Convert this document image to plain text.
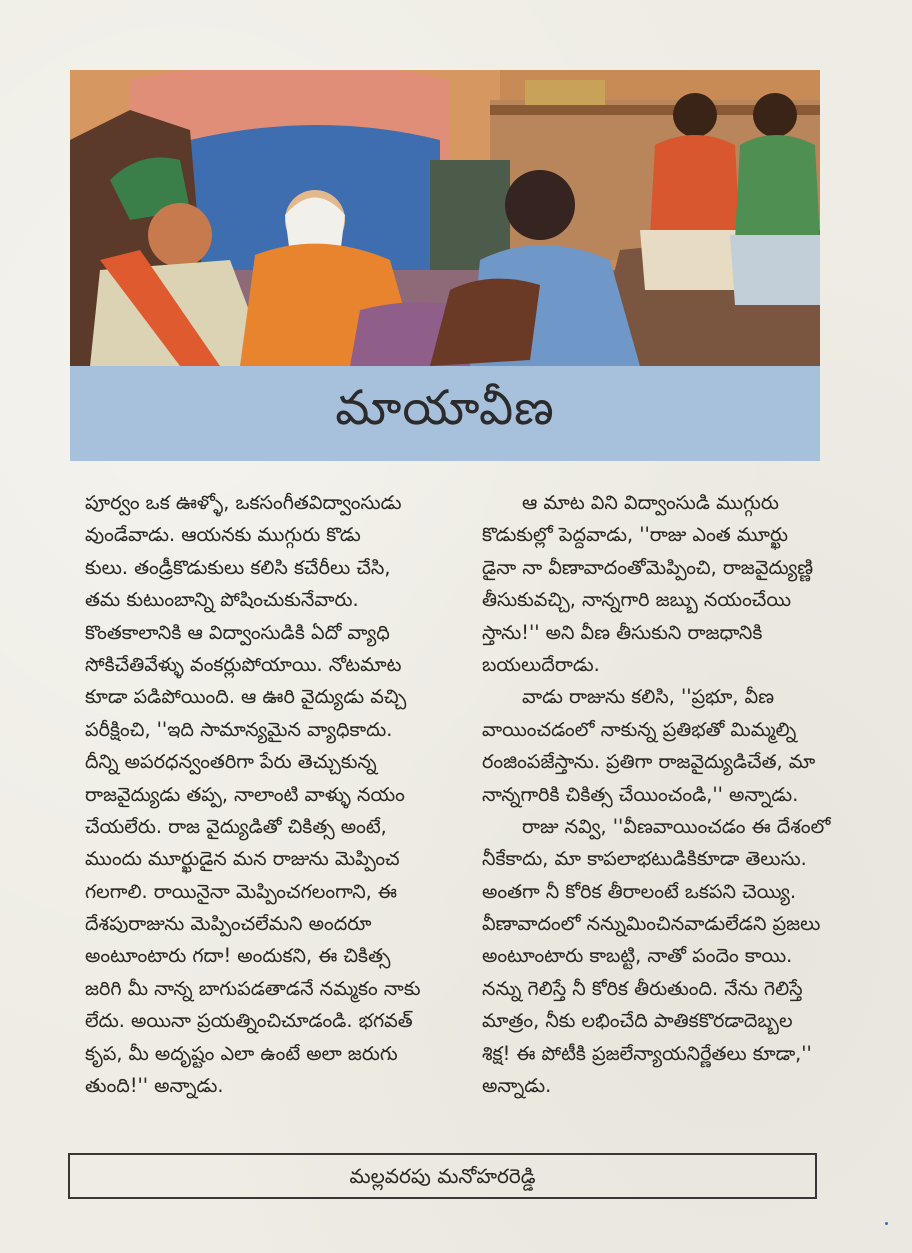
మాయావీణ
పూర్వం ఒక ఊళ్ళో, ఒకసంగీతవిద్వాంసుడు
వుండేవాడు. ఆయనకు ముగ్గురు కొడు
కులు. తండ్రీకొడుకులు కలిసి కచేరీలు చేసి,
తమ కుటుంబాన్ని పోషించుకునేవారు.
కొంతకాలానికి ఆ విద్వాంసుడికి ఏదో వ్యాధి
సోకిచేతివేళ్ళు వంకర్లుపోయాయి. నోటమాట
కూడా పడిపోయింది. ఆ ఊరి వైద్యుడు వచ్చి
పరీక్షించి, ''ఇది సామాన్యమైన వ్యాధికాదు.
దీన్ని అపరధన్వంతరిగా పేరు తెచ్చుకున్న
రాజవైద్యుడు తప్ప, నాలాంటి వాళ్ళు నయం
చేయలేరు. రాజ వైద్యుడితో చికిత్స అంటే,
ముందు మూర్ఖుడైన మన రాజును మెప్పించ
గలగాలి. రాయినైనా మెప్పించగలంగాని, ఈ
దేశపురాజును మెప్పించలేమని అందరూ
అంటూంటారు గదా! అందుకని, ఈ చికిత్స
జరిగి మీ నాన్న బాగుపడతాడనే నమ్మకం నాకు
లేదు. అయినా ప్రయత్నించిచూడండి. భగవత్
కృప, మీ అదృష్టం ఎలా ఉంటే అలా జరుగు
తుంది!'' అన్నాడు.
ఆ మాట విని విద్వాంసుడి ముగ్గురు
కొడుకుల్లో పెద్దవాడు, ''రాజు ఎంత మూర్ఖు
డైనా నా వీణావాదంతోమెప్పించి, రాజవైద్యుణ్ణి
తీసుకువచ్చి, నాన్నగారి జబ్బు నయంచేయి
స్తాను!'' అని వీణ తీసుకుని రాజధానికి
బయలుదేరాడు.
వాడు రాజును కలిసి, ''ప్రభూ, వీణ
వాయించడంలో నాకున్న ప్రతిభతో మిమ్మల్ని
రంజింపజేస్తాను. ప్రతిగా రాజవైద్యుడిచేత, మా
నాన్నగారికి చికిత్స చేయించండి,'' అన్నాడు.
రాజు నవ్వి, ''వీణవాయించడం ఈ దేశంలో
నీకేకాదు, మా కాపలాభటుడికికూడా తెలుసు.
అంతగా నీ కోరిక తీరాలంటే ఒకపని చెయ్యి.
వీణావాదంలో నన్నుమించినవాడులేడని ప్రజలు
అంటూంటారు కాబట్టి, నాతో పందెం కాయి.
నన్ను గెలిస్తే నీ కోరిక తీరుతుంది. నేను గెలిస్తే
మాత్రం, నీకు లభించేది పాతికకొరడాదెబ్బల
శిక్ష! ఈ పోటీకి ప్రజలేన్యాయనిర్ణేతలు కూడా,''
అన్నాడు.
మల్లవరపు మనోహరరెడ్డి
